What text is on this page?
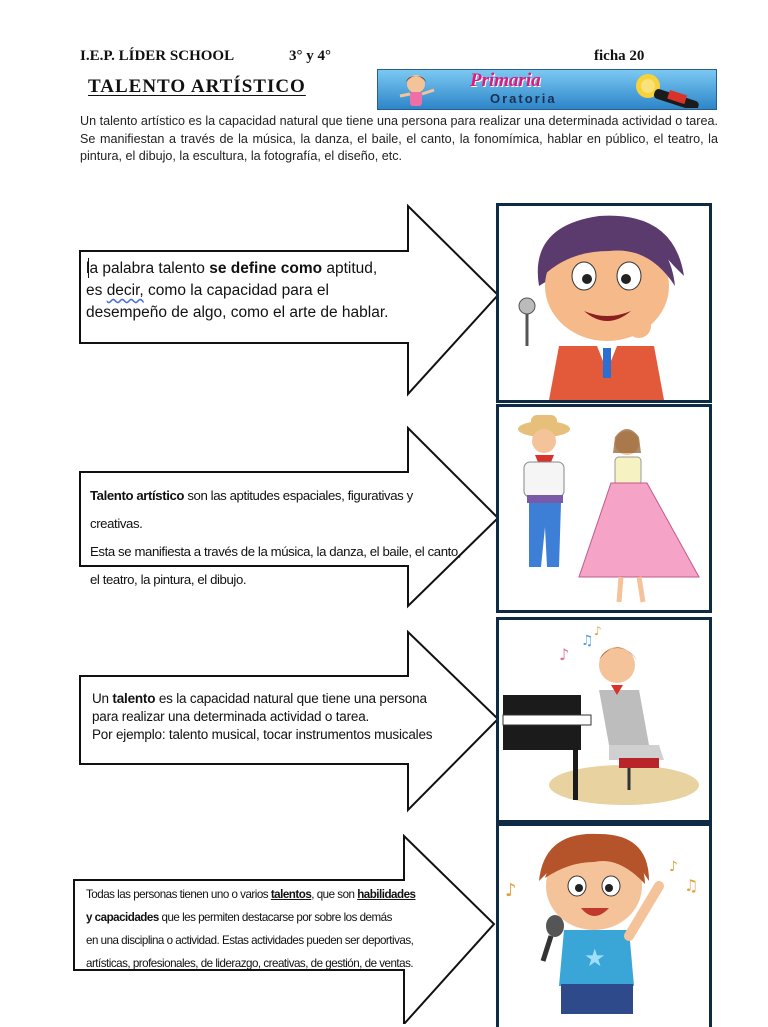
I.E.P. LÍDER SCHOOL	3° y 4°	ficha 20
TALENTO ARTÍSTICO	Primaria
Oratoria
Un talento artístico es la capacidad natural que tiene una persona para realizar una determinada actividad o tarea. Se manifiestan a través de la música, la danza, el baile, el canto, la fonomímica, hablar en público, el teatro, la pintura, el dibujo, la escultura, la fotografía, el diseño, etc.
la palabra talento se define como aptitud,
es decir, como la capacidad para el
desempeño de algo, como el arte de hablar.
Talento artístico son las aptitudes espaciales, figurativas y creativas.
Esta se manifiesta a través de la música, la danza, el baile, el canto,
el teatro, la pintura, el dibujo.
Un talento es la capacidad natural que tiene una persona
para realizar una determinada actividad o tarea.
Por ejemplo: talento musical, tocar instrumentos musicales
Todas las personas tienen uno o varios talentos, que son habilidades
y capacidades que les permiten destacarse por sobre los demás
en una disciplina o actividad. Estas actividades pueden ser deportivas,
artísticas, profesionales, de liderazgo, creativas, de gestión, de ventas.
♪
♫
♪
★
♪	♫
♪
